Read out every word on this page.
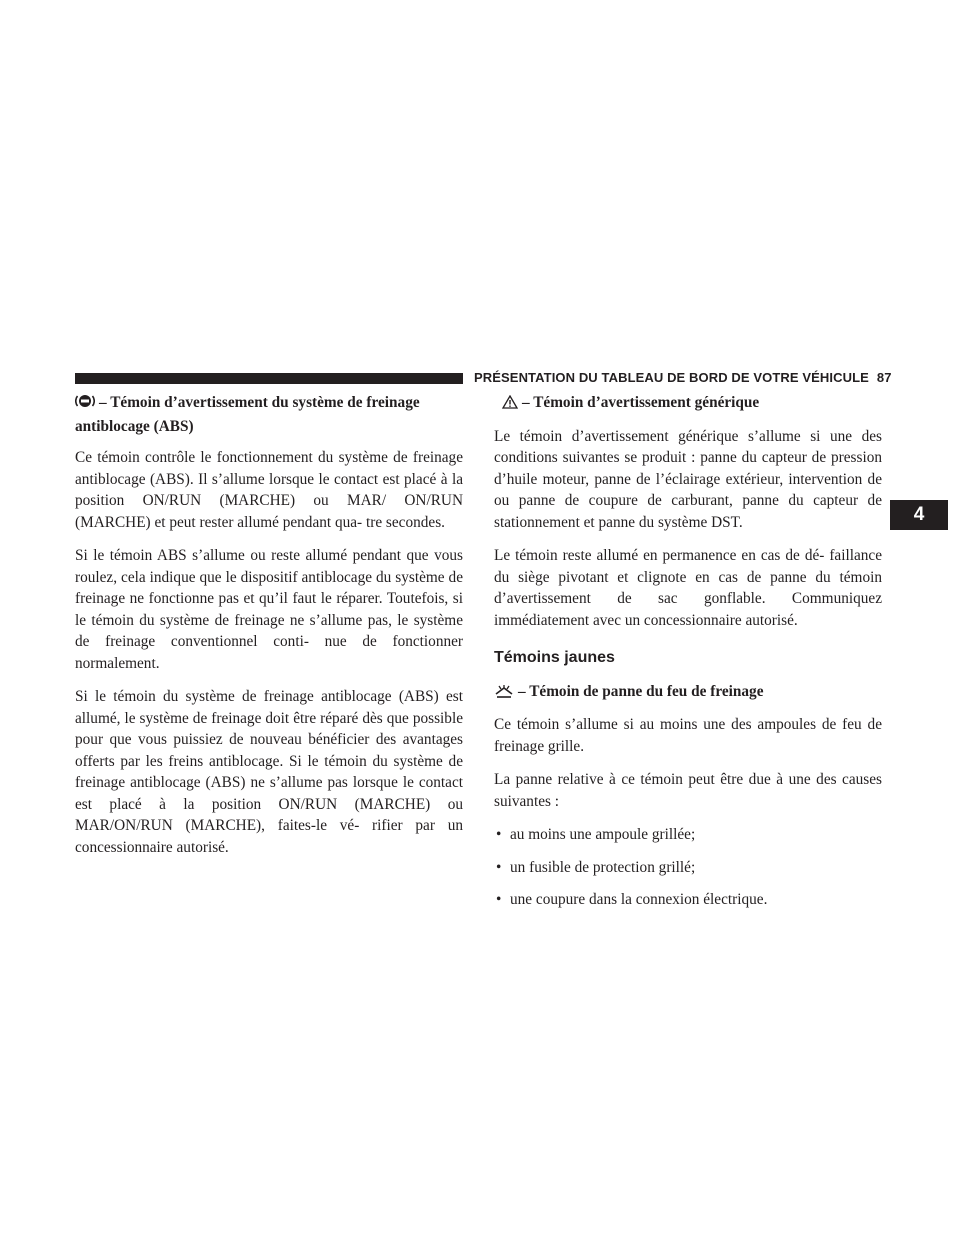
PRÉSENTATION DU TABLEAU DE BORD DE VOTRE VÉHICULE 87
4

– Témoin d’avertissement du système de freinage antiblocage (ABS)

Ce témoin contrôle le fonctionnement du système de freinage antiblocage (ABS). Il s’allume lorsque le contact est placé à la position ON/RUN (MARCHE) ou MAR/ ON/RUN (MARCHE) et peut rester allumé pendant qua- tre secondes.

Si le témoin ABS s’allume ou reste allumé pendant que vous roulez, cela indique que le dispositif antiblocage du système de freinage ne fonctionne pas et qu’il faut le réparer. Toutefois, si le témoin du système de freinage ne s’allume pas, le système de freinage conventionnel conti- nue de fonctionner normalement.

Si le témoin du système de freinage antiblocage (ABS) est allumé, le système de freinage doit être réparé dès que possible pour que vous puissiez de nouveau bénéficier des avantages offerts par les freins antiblocage. Si le témoin du système de freinage antiblocage (ABS) ne s’allume pas lorsque le contact est placé à la position ON/RUN (MARCHE) ou MAR/ON/RUN (MARCHE), faites-le vé- rifier par un concessionnaire autorisé.

– Témoin d’avertissement générique

Le témoin d’avertissement générique s’allume si une des conditions suivantes se produit : panne du capteur de pression d’huile moteur, panne de l’éclairage extérieur, intervention de ou panne de coupure de carburant, panne du capteur de stationnement et panne du système DST.

Le témoin reste allumé en permanence en cas de dé- faillance du siège pivotant et clignote en cas de panne du témoin d’avertissement de sac gonflable. Communiquez immédiatement avec un concessionnaire autorisé.

Témoins jaunes

– Témoin de panne du feu de freinage

Ce témoin s’allume si au moins une des ampoules de feu de freinage grille.

La panne relative à ce témoin peut être due à une des causes suivantes :

• au moins une ampoule grillée;
• un fusible de protection grillé;
• une coupure dans la connexion électrique.
